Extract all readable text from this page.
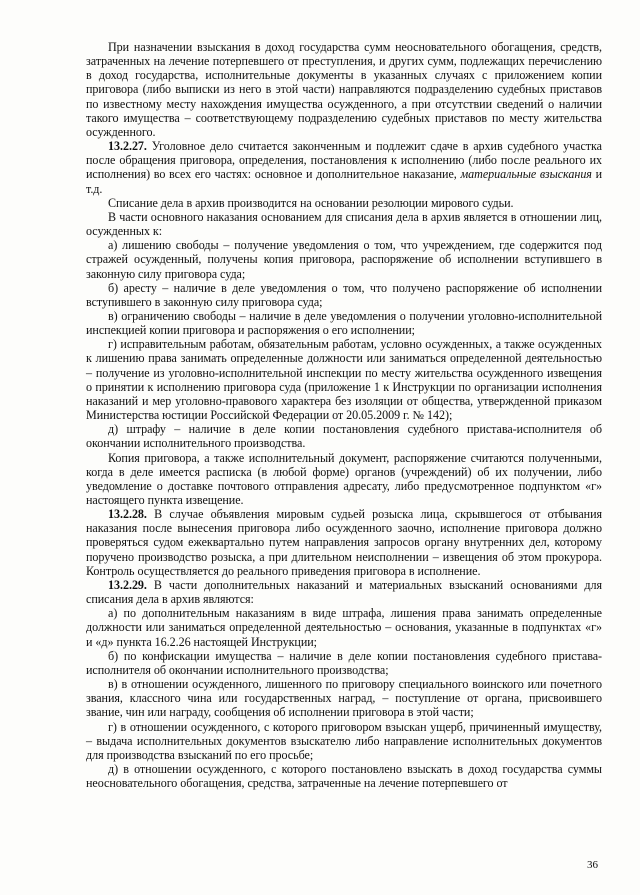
При назначении взыскания в доход государства сумм неосновательного обогащения, средств, затраченных на лечение потерпевшего от преступления, и других сумм, подлежащих перечислению в доход государства, исполнительные документы в указанных случаях с приложением копии приговора (либо выписки из него в этой части) направляются подразделению судебных приставов по известному месту нахождения имущества осужденного, а при отсутствии сведений о наличии такого имущества – соответствующему подразделению судебных приставов по месту жительства осужденного.

13.2.27. Уголовное дело считается законченным и подлежит сдаче в архив судебного участка после обращения приговора, определения, постановления к исполнению (либо после реального их исполнения) во всех его частях: основное и дополнительное наказание, материальные взыскания и т.д.

Списание дела в архив производится на основании резолюции мирового судьи.

В части основного наказания основанием для списания дела в архив является в отношении лиц, осужденных к:

а) лишению свободы – получение уведомления о том, что учреждением, где содержится под стражей осужденный, получены копия приговора, распоряжение об исполнении вступившего в законную силу приговора суда;

б) аресту – наличие в деле уведомления о том, что получено распоряжение об исполнении вступившего в законную силу приговора суда;

в) ограничению свободы – наличие в деле уведомления о получении уголовно-исполнительной инспекцией копии приговора и распоряжения о его исполнении;

г) исправительным работам, обязательным работам, условно осужденных, а также осужденных к лишению права занимать определенные должности или заниматься определенной деятельностью – получение из уголовно-исполнительной инспекции по месту жительства осужденного извещения о принятии к исполнению приговора суда (приложение 1 к Инструкции по организации исполнения наказаний и мер уголовно-правового характера без изоляции от общества, утвержденной приказом Министерства юстиции Российской Федерации от 20.05.2009 г. № 142);

д) штрафу – наличие в деле копии постановления судебного пристава-исполнителя об окончании исполнительного производства.

Копия приговора, а также исполнительный документ, распоряжение считаются полученными, когда в деле имеется расписка (в любой форме) органов (учреждений) об их получении, либо уведомление о доставке почтового отправления адресату, либо предусмотренное подпунктом «г» настоящего пункта извещение.

13.2.28. В случае объявления мировым судьей розыска лица, скрывшегося от отбывания наказания после вынесения приговора либо осужденного заочно, исполнение приговора должно проверяться судом ежеквартально путем направления запросов органу внутренних дел, которому поручено производство розыска, а при длительном неисполнении – извещения об этом прокурора. Контроль осуществляется до реального приведения приговора в исполнение.

13.2.29. В части дополнительных наказаний и материальных взысканий основаниями для списания дела в архив являются:

а) по дополнительным наказаниям в виде штрафа, лишения права занимать определенные должности или заниматься определенной деятельностью – основания, указанные в подпунктах «г» и «д» пункта 16.2.26 настоящей Инструкции;

б) по конфискации имущества – наличие в деле копии постановления судебного пристава-исполнителя об окончании исполнительного производства;

в) в отношении осужденного, лишенного по приговору специального воинского или почетного звания, классного чина или государственных наград, – поступление от органа, присвоившего звание, чин или награду, сообщения об исполнении приговора в этой части;

г) в отношении осужденного, с которого приговором взыскан ущерб, причиненный имуществу, – выдача исполнительных документов взыскателю либо направление исполнительных документов для производства взысканий по его просьбе;

д) в отношении осужденного, с которого постановлено взыскать в доход государства суммы неосновательного обогащения, средства, затраченные на лечение потерпевшего от

36
